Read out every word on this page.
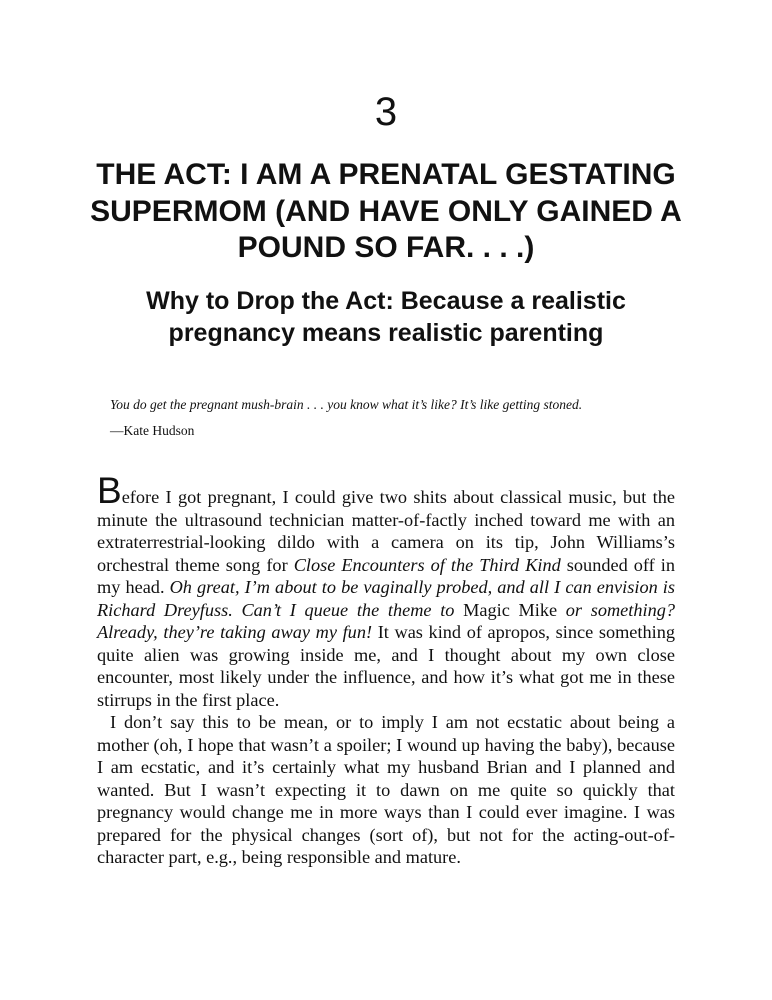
3
THE ACT: I AM A PRENATAL GESTATING SUPERMOM (AND HAVE ONLY GAINED A POUND SO FAR. . . .)
Why to Drop the Act: Because a realistic pregnancy means realistic parenting
You do get the pregnant mush-brain . . . you know what it’s like? It’s like getting stoned.
—Kate Hudson

Before I got pregnant, I could give two shits about classical music, but the minute the ultrasound technician matter-of-factly inched toward me with an extraterrestrial-looking dildo with a camera on its tip, John Williams’s orchestral theme song for Close Encounters of the Third Kind sounded off in my head. Oh great, I’m about to be vaginally probed, and all I can envision is Richard Dreyfuss. Can’t I queue the theme to Magic Mike or something? Already, they’re taking away my fun! It was kind of apropos, since something quite alien was growing inside me, and I thought about my own close encounter, most likely under the influence, and how it’s what got me in these stirrups in the first place.

I don’t say this to be mean, or to imply I am not ecstatic about being a mother (oh, I hope that wasn’t a spoiler; I wound up having the baby), because I am ecstatic, and it’s certainly what my husband Brian and I planned and wanted. But I wasn’t expecting it to dawn on me quite so quickly that pregnancy would change me in more ways than I could ever imagine. I was prepared for the physical changes (sort of), but not for the acting-out-of-character part, e.g., being responsible and mature.
